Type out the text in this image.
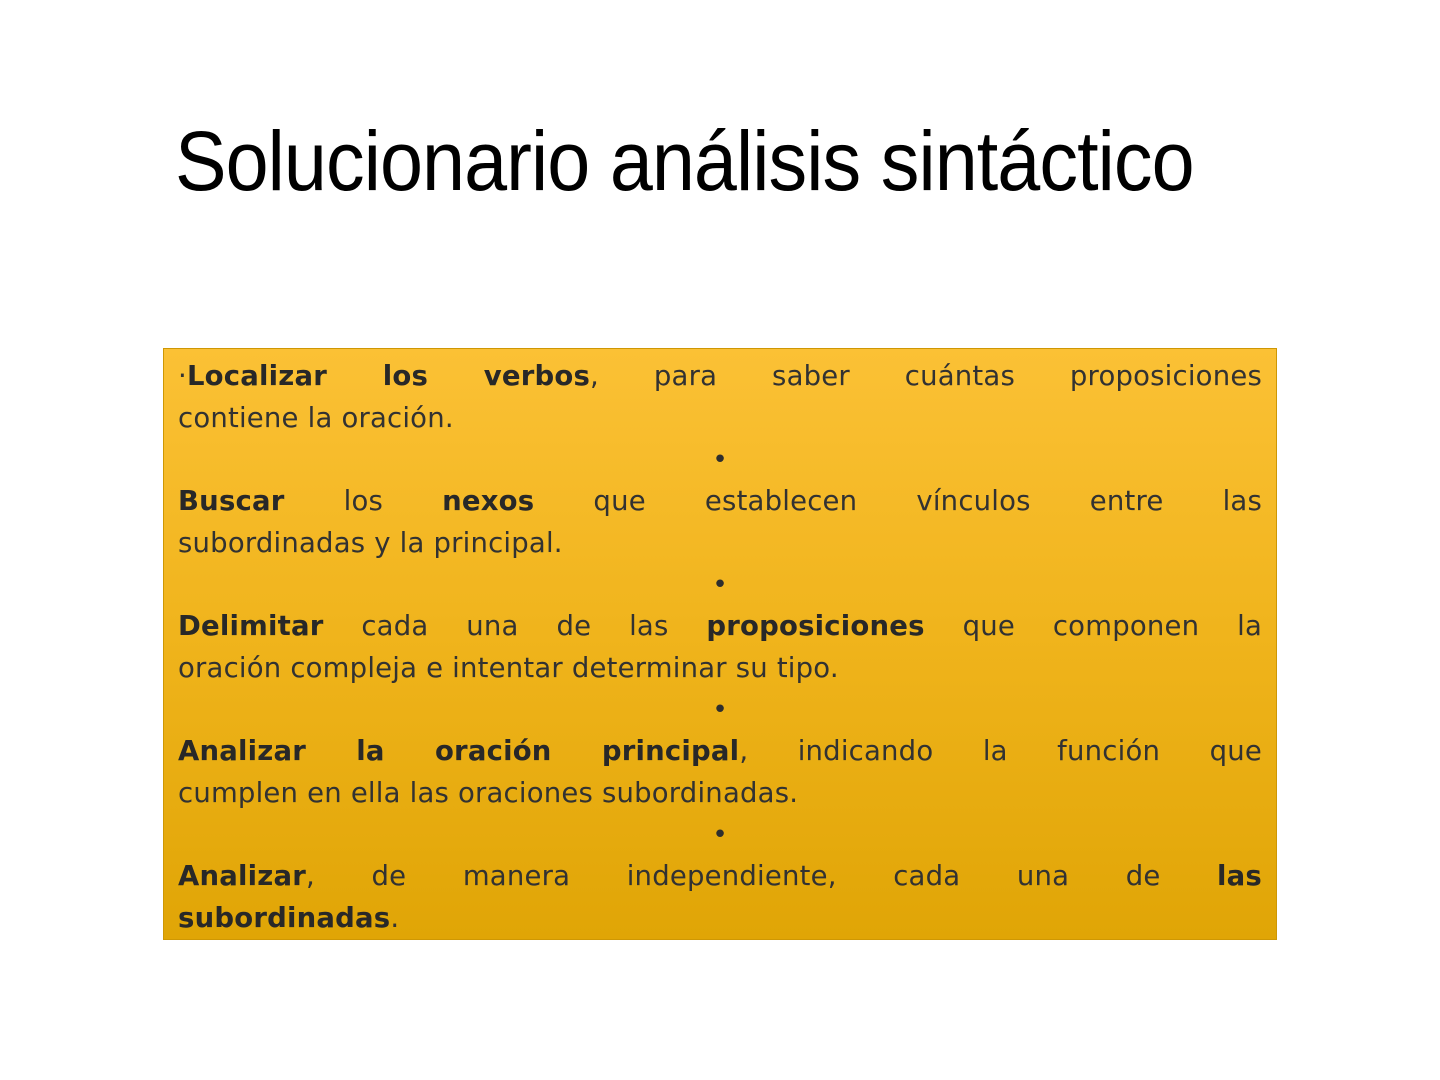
Solucionario análisis sintáctico
·Localizar los verbos, para saber cuántas proposiciones
contiene la oración.
•
Buscar los nexos que establecen vínculos entre las
subordinadas y la principal.
•
Delimitar cada una de las proposiciones que componen la
oración compleja e intentar determinar su tipo.
•
Analizar la oración principal, indicando la función que
cumplen en ella las oraciones subordinadas.
•
Analizar, de manera independiente, cada una de las
subordinadas.
